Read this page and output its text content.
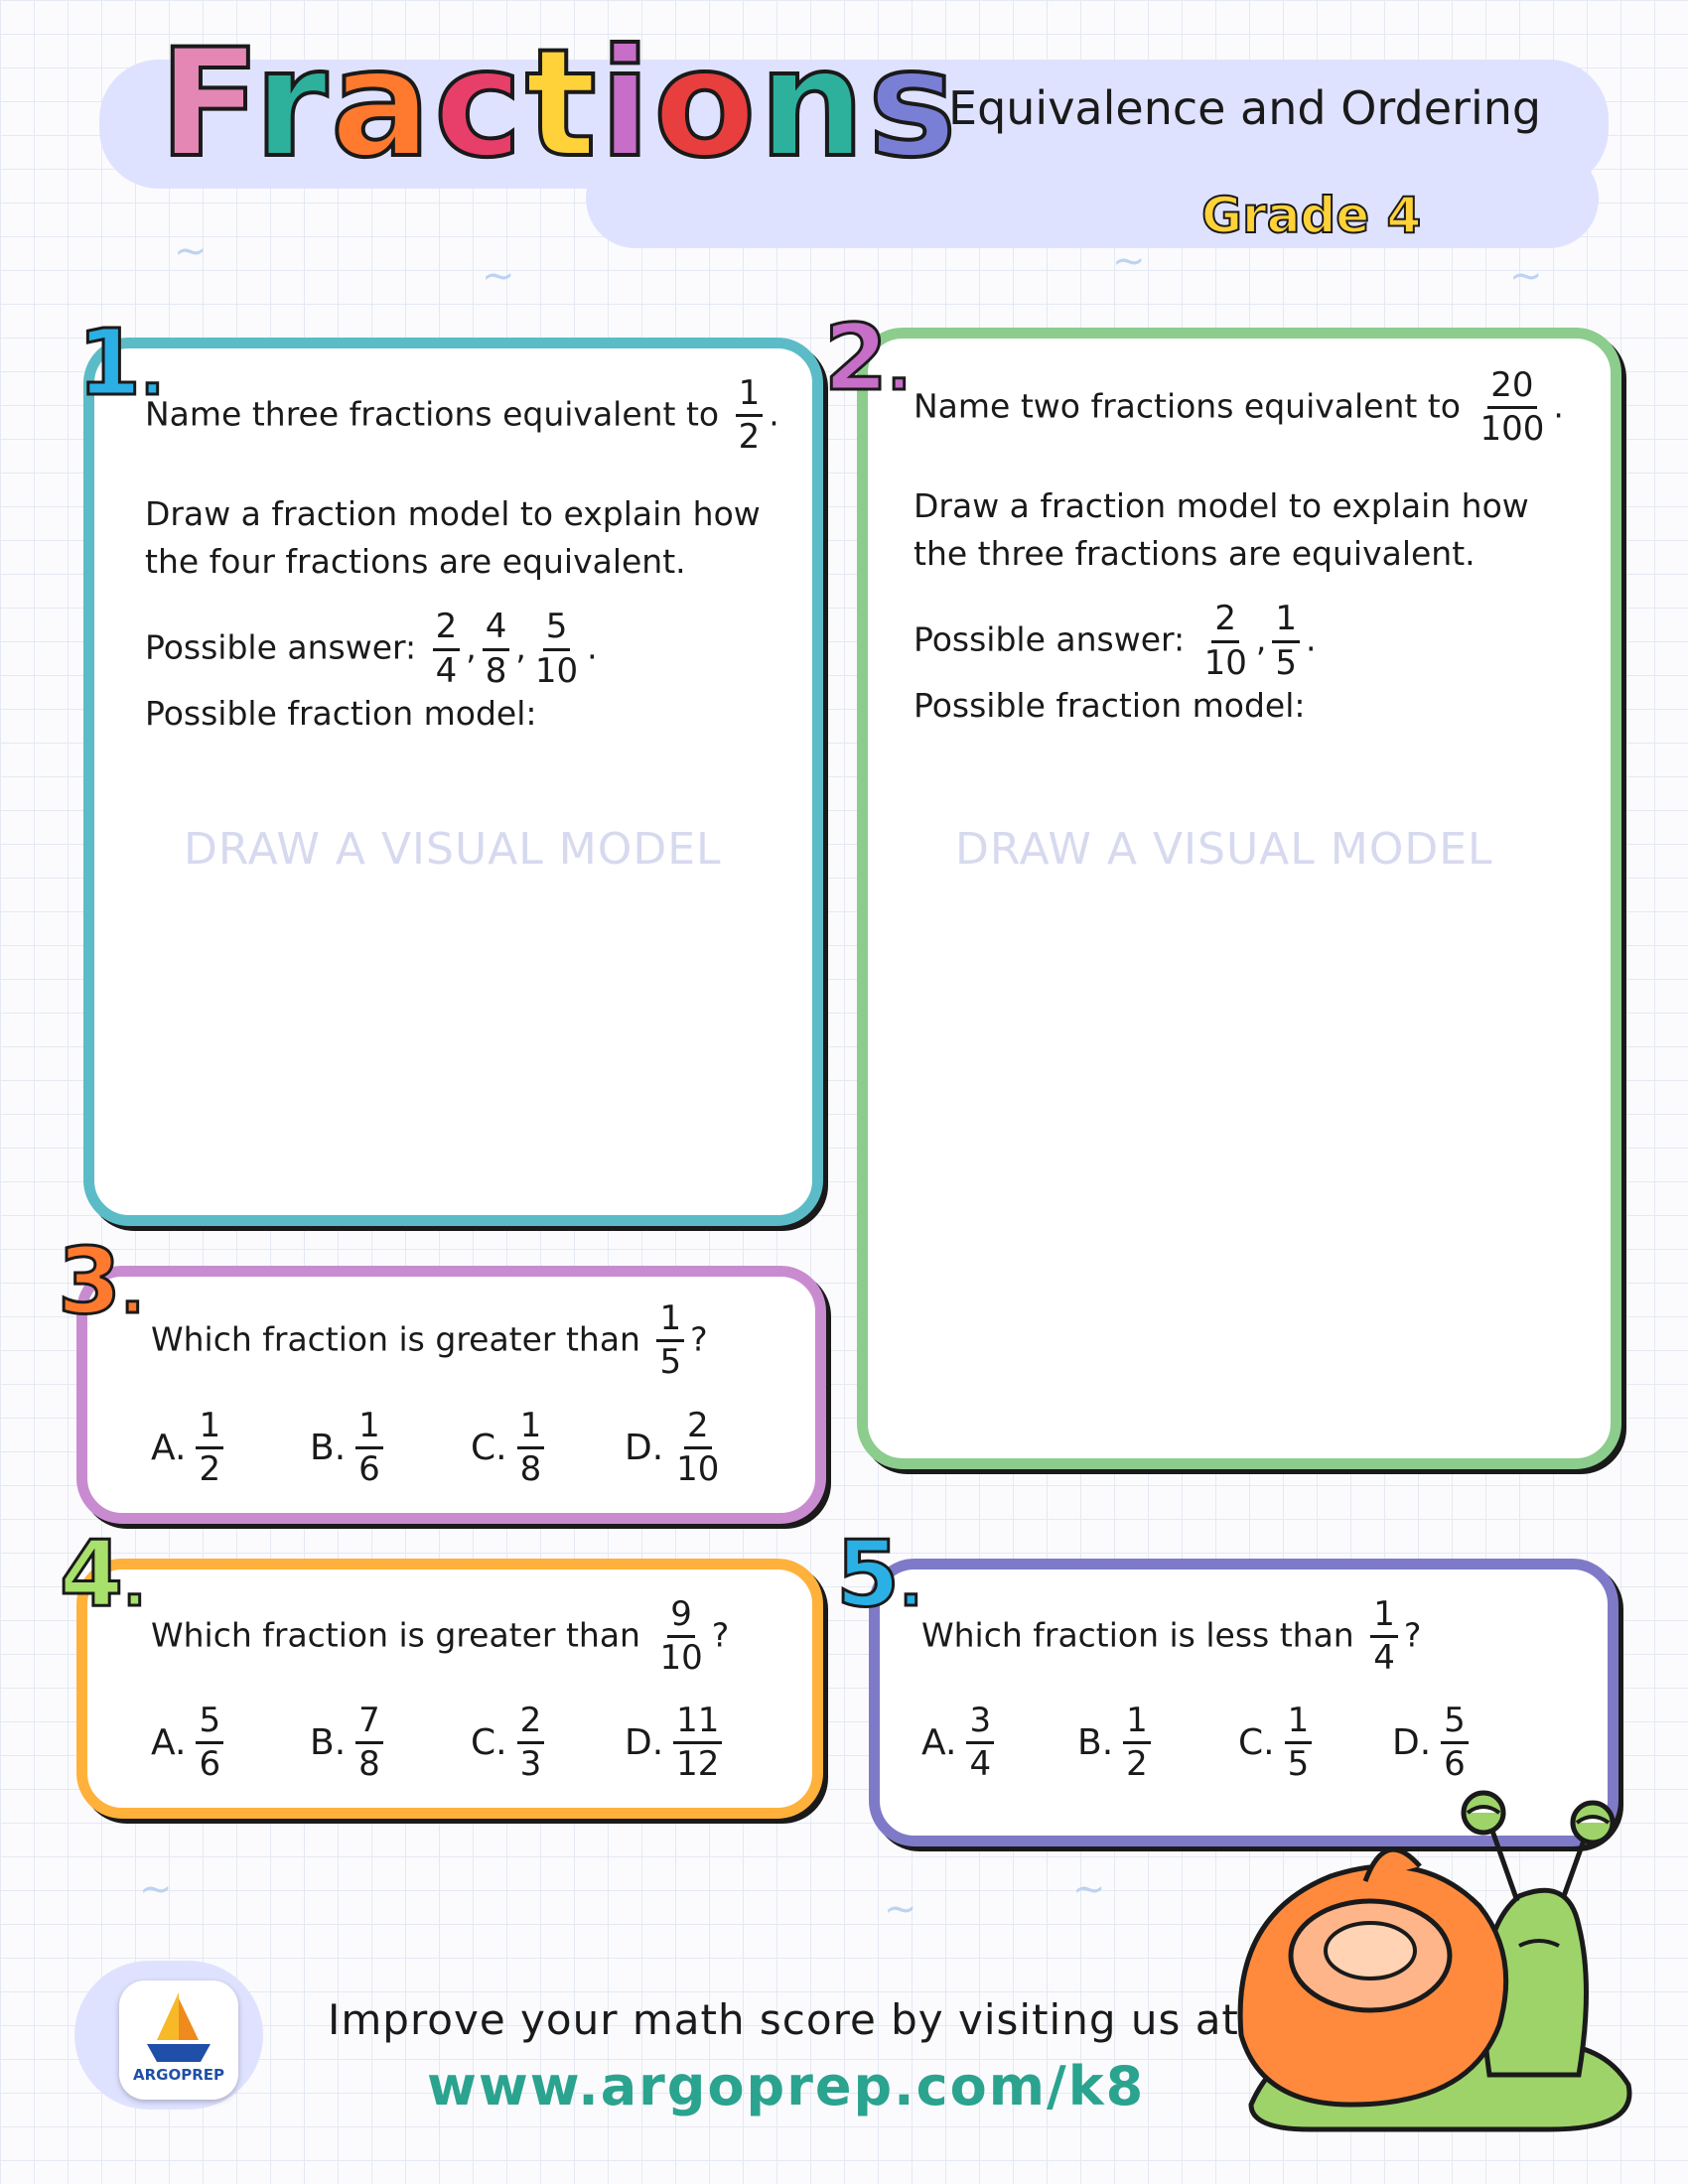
~
~	~	~
~	~	~
Fractions
Equivalence and Ordering
Grade 4
1.
Name three fractions equivalent to $\frac{1}{2}$ .
Draw a fraction model to explain how the four fractions are equivalent.
Possible answer: $\frac{2}{4}$ , $\frac{4}{8}$ , $\frac{5}{10}$ .
Possible fraction model:
DRAW A VISUAL MODEL
2.
Name two fractions equivalent to $\frac{20}{100}$ .
Draw a fraction model to explain how the three fractions are equivalent.
Possible answer: $\frac{2}{10}$ , $\frac{1}{5}$ .
Possible fraction model:
DRAW A VISUAL MODEL
3.
Which fraction is greater than $\frac{1}{5}$ ?
A. $\frac{1}{2} B$. $\frac{1}{6} C$. $\frac{1}{8} D$. $\frac{2}{10}$
4.
Which fraction is greater than $\frac{9}{10}$ ?
A. $\frac{5}{6} B$. $\frac{7}{8} C$. $\frac{2}{3} D$. $\frac{11}{12}$
5.
Which fraction is less than $\frac{1}{4}$ ?
A. $\frac{3}{4} B$. $\frac{1}{2} C$. $\frac{1}{5} D$. $\frac{5}{6}$
ARGOPREP
Improve your math score by visiting us at
www.argoprep.com/k8
